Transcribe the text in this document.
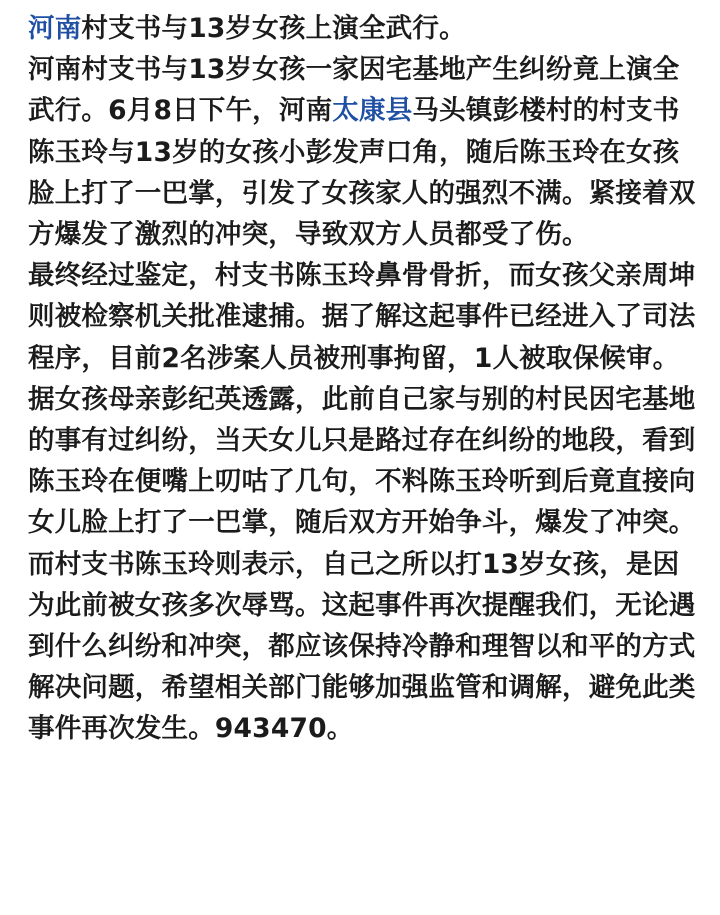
河南村支书与13岁女孩上演全武行。

河南村支书与13岁女孩一家因宅基地产生纠纷竟上演全武行。6月8日下午，河南太康县马头镇彭楼村的村支书陈玉玲与13岁的女孩小彭发声口角，随后陈玉玲在女孩脸上打了一巴掌，引发了女孩家人的强烈不满。紧接着双方爆发了激烈的冲突，导致双方人员都受了伤。

最终经过鉴定，村支书陈玉玲鼻骨骨折，而女孩父亲周坤则被检察机关批准逮捕。据了解这起事件已经进入了司法程序，目前2名涉案人员被刑事拘留，1人被取保候审。

据女孩母亲彭纪英透露，此前自己家与别的村民因宅基地的事有过纠纷，当天女儿只是路过存在纠纷的地段，看到陈玉玲在便嘴上叨咕了几句，不料陈玉玲听到后竟直接向女儿脸上打了一巴掌，随后双方开始争斗，爆发了冲突。

而村支书陈玉玲则表示，自己之所以打13岁女孩，是因为此前被女孩多次辱骂。这起事件再次提醒我们，无论遇到什么纠纷和冲突，都应该保持冷静和理智以和平的方式解决问题，希望相关部门能够加强监管和调解，避免此类事件再次发生。943470。
